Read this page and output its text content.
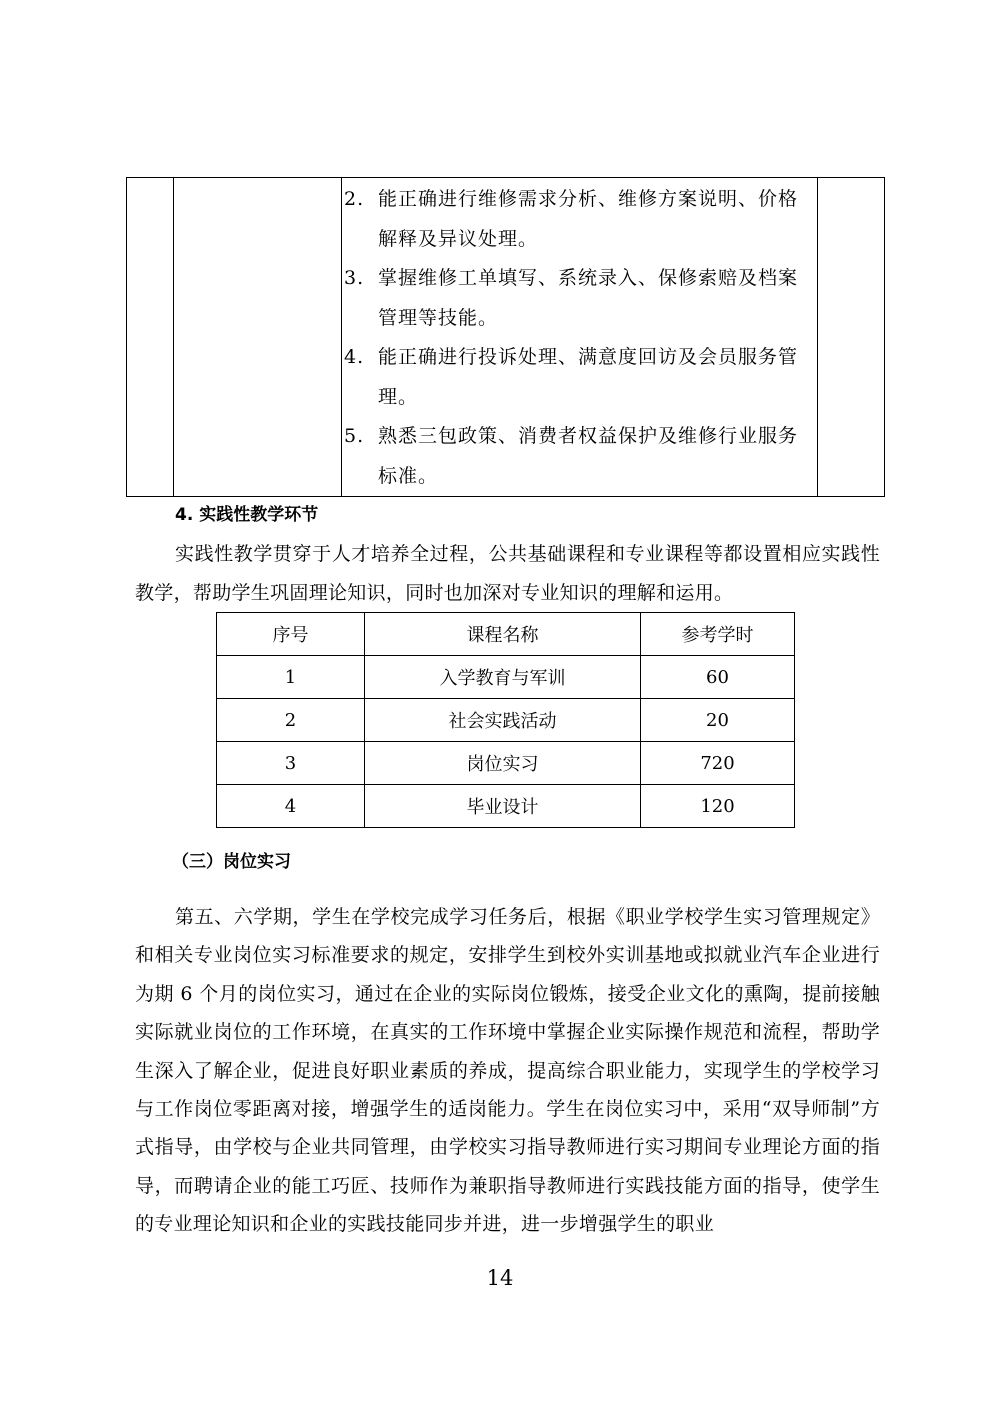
2. 能正确进行维修需求分析、维修方案说明、价格解释及异议处理。
3. 掌握维修工单填写、系统录入、保修索赔及档案管理等技能。
4. 能正确进行投诉处理、满意度回访及会员服务管理。
5. 熟悉三包政策、消费者权益保护及维修行业服务标准。

4. 实践性教学环节

实践性教学贯穿于人才培养全过程，公共基础课程和专业课程等都设置相应实践性教学，帮助学生巩固理论知识，同时也加深对专业知识的理解和运用。

序号	课程名称	参考学时
1	入学教育与军训	60
2	社会实践活动	20
3	岗位实习	720
4	毕业设计	120
（三）岗位实习

第五、六学期，学生在学校完成学习任务后，根据《职业学校学生实习管理规定》和相关专业岗位实习标准要求的规定，安排学生到校外实训基地或拟就业汽车企业进行为期 6 个月的岗位实习，通过在企业的实际岗位锻炼，接受企业文化的熏陶，提前接触实际就业岗位的工作环境，在真实的工作环境中掌握企业实际操作规范和流程，帮助学生深入了解企业，促进良好职业素质的养成，提高综合职业能力，实现学生的学校学习与工作岗位零距离对接，增强学生的适岗能力。学生在岗位实习中，采用“双导师制”方式指导，由学校与企业共同管理，由学校实习指导教师进行实习期间专业理论方面的指导，而聘请企业的能工巧匠、技师作为兼职指导教师进行实践技能方面的指导，使学生的专业理论知识和企业的实践技能同步并进，进一步增强学生的职业

14
